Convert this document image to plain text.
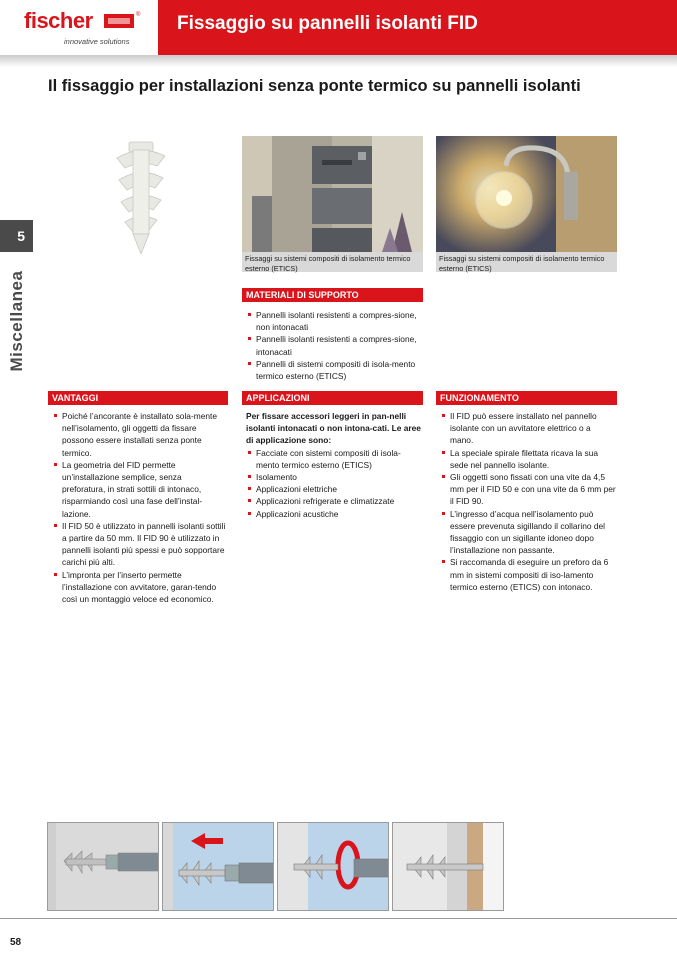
fischer	®
innovative solutions
Fissaggio su pannelli isolanti FID
5
Miscellanea
Il fissaggio per installazioni senza ponte termico su pannelli isolanti
Fissaggi su sistemi compositi di isolamento termico esterno (ETICS)
Fissaggi su sistemi compositi di isolamento termico esterno (ETICS)
MATERIALI DI SUPPORTO
Pannelli isolanti resistenti a compres-sione, non intonacati
Pannelli isolanti resistenti a compres-sione, intonacati
Pannelli di sistemi compositi di isola-mento termico esterno (ETICS)
VANTAGGI
Poiché l’ancorante è installato sola-mente nell’isolamento, gli oggetti da fissare possono essere installati senza ponte termico.
La geometria del FID permette un’installazione semplice, senza preforatura, in strati sottili di intonaco, risparmiando così una fase dell’instal-lazione.
Il FID 50 è utilizzato in pannelli isolanti sottili a partire da 50 mm. Il FID 90 è utilizzato in pannelli isolanti più spessi e può sopportare carichi più alti.
L’impronta per l’inserto permette l’installazione con avvitatore, garan-tendo così un montaggio veloce ed economico.
APPLICAZIONI
Per fissare accessori leggeri in pan-nelli isolanti intonacati o non intona-cati. Le aree di applicazione sono:
Facciate con sistemi compositi di isola-mento termico esterno (ETICS)
Isolamento
Applicazioni elettriche
Applicazioni refrigerate e climatizzate
Applicazioni acustiche
FUNZIONAMENTO
Il FID può essere installato nel pannello isolante con un avvitatore elettrico o a mano.
La speciale spirale filettata ricava la sua sede nel pannello isolante.
Gli oggetti sono fissati con una vite da 4,5 mm per il FID 50 e con una vite da 6 mm per il FID 90.
L’ingresso d’acqua nell’isolamento può essere prevenuta sigillando il collarino del fissaggio con un sigillante idoneo dopo l’installazione non passante.
Si raccomanda di eseguire un preforo da 6 mm in sistemi compositi di iso-lamento termico esterno (ETICS) con intonaco.
58
